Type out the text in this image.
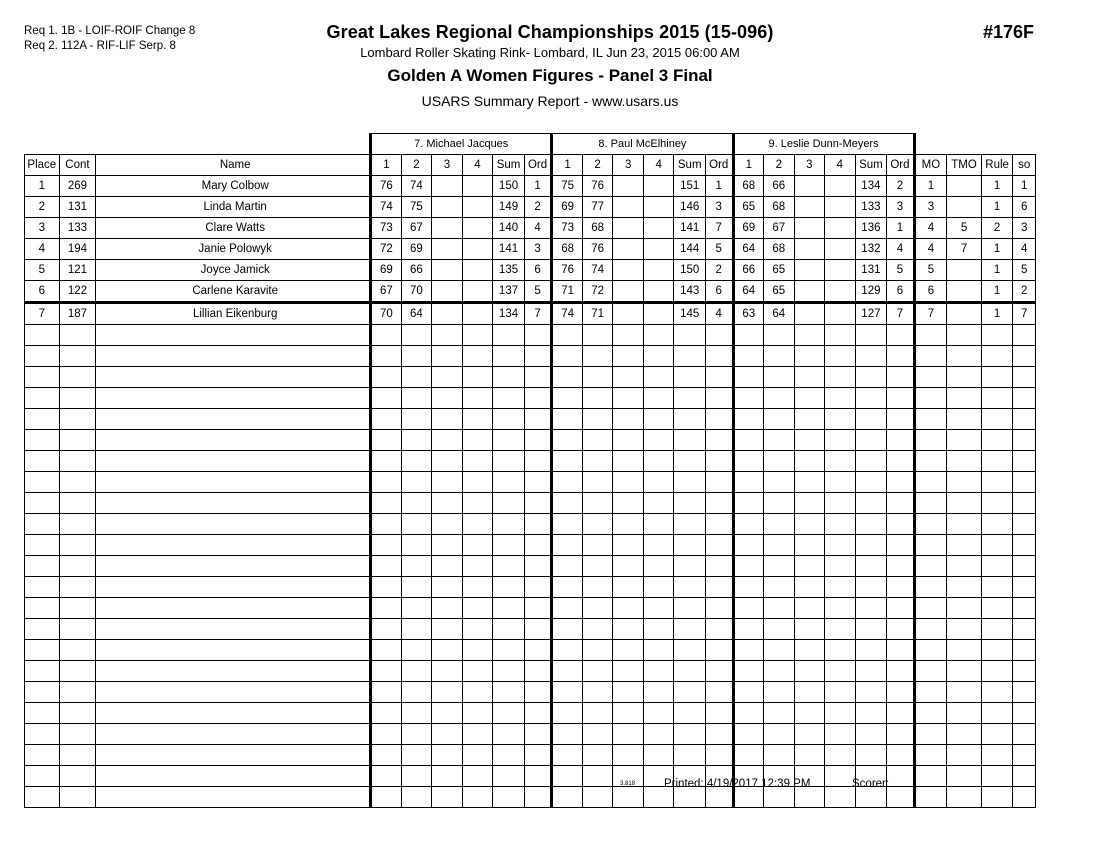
Req 1. 1B - LOIF-ROIF Change 8
Req 2. 112A - RIF-LIF Serp. 8
Great Lakes Regional Championships 2015 (15-096)
Lombard Roller Skating Rink- Lombard, IL Jun 23, 2015 06:00 AM
Golden A Women Figures - Panel 3 Final
USARS Summary Report - www.usars.us
#176F
			7. Michael Jacques						8. Paul McElhiney						9. Leslie Dunn-Meyers									
Place	Cont	Name	1	2	3	4	Sum	Ord	1	2	3	4	Sum	Ord	1	2	3	4	Sum	Ord	MO	TMO	Rule	so
1	269	Mary Colbow	76	74			150	1	75	76			151	1	68	66			134	2	1		1	1
2	131	Linda Martin	74	75			149	2	69	77			146	3	65	68			133	3	3		1	6
3	133	Clare Watts	73	67			140	4	73	68			141	7	69	67			136	1	4	5	2	3
4	194	Janie Polowyk	72	69			141	3	68	76			144	5	64	68			132	4	4	7	1	4
5	121	Joyce Jamick	69	66			135	6	76	74			150	2	66	65			131	5	5		1	5
6	122	Carlene Karavite	67	70			137	5	71	72			143	6	64	65			129	6	6		1	2
7	187	Lillian Eikenburg	70	64			134	7	74	71			145	4	63	64			127	7	7		1	7

3.818	Printed: 4/19/2017 12:39 PM	Scorer:
